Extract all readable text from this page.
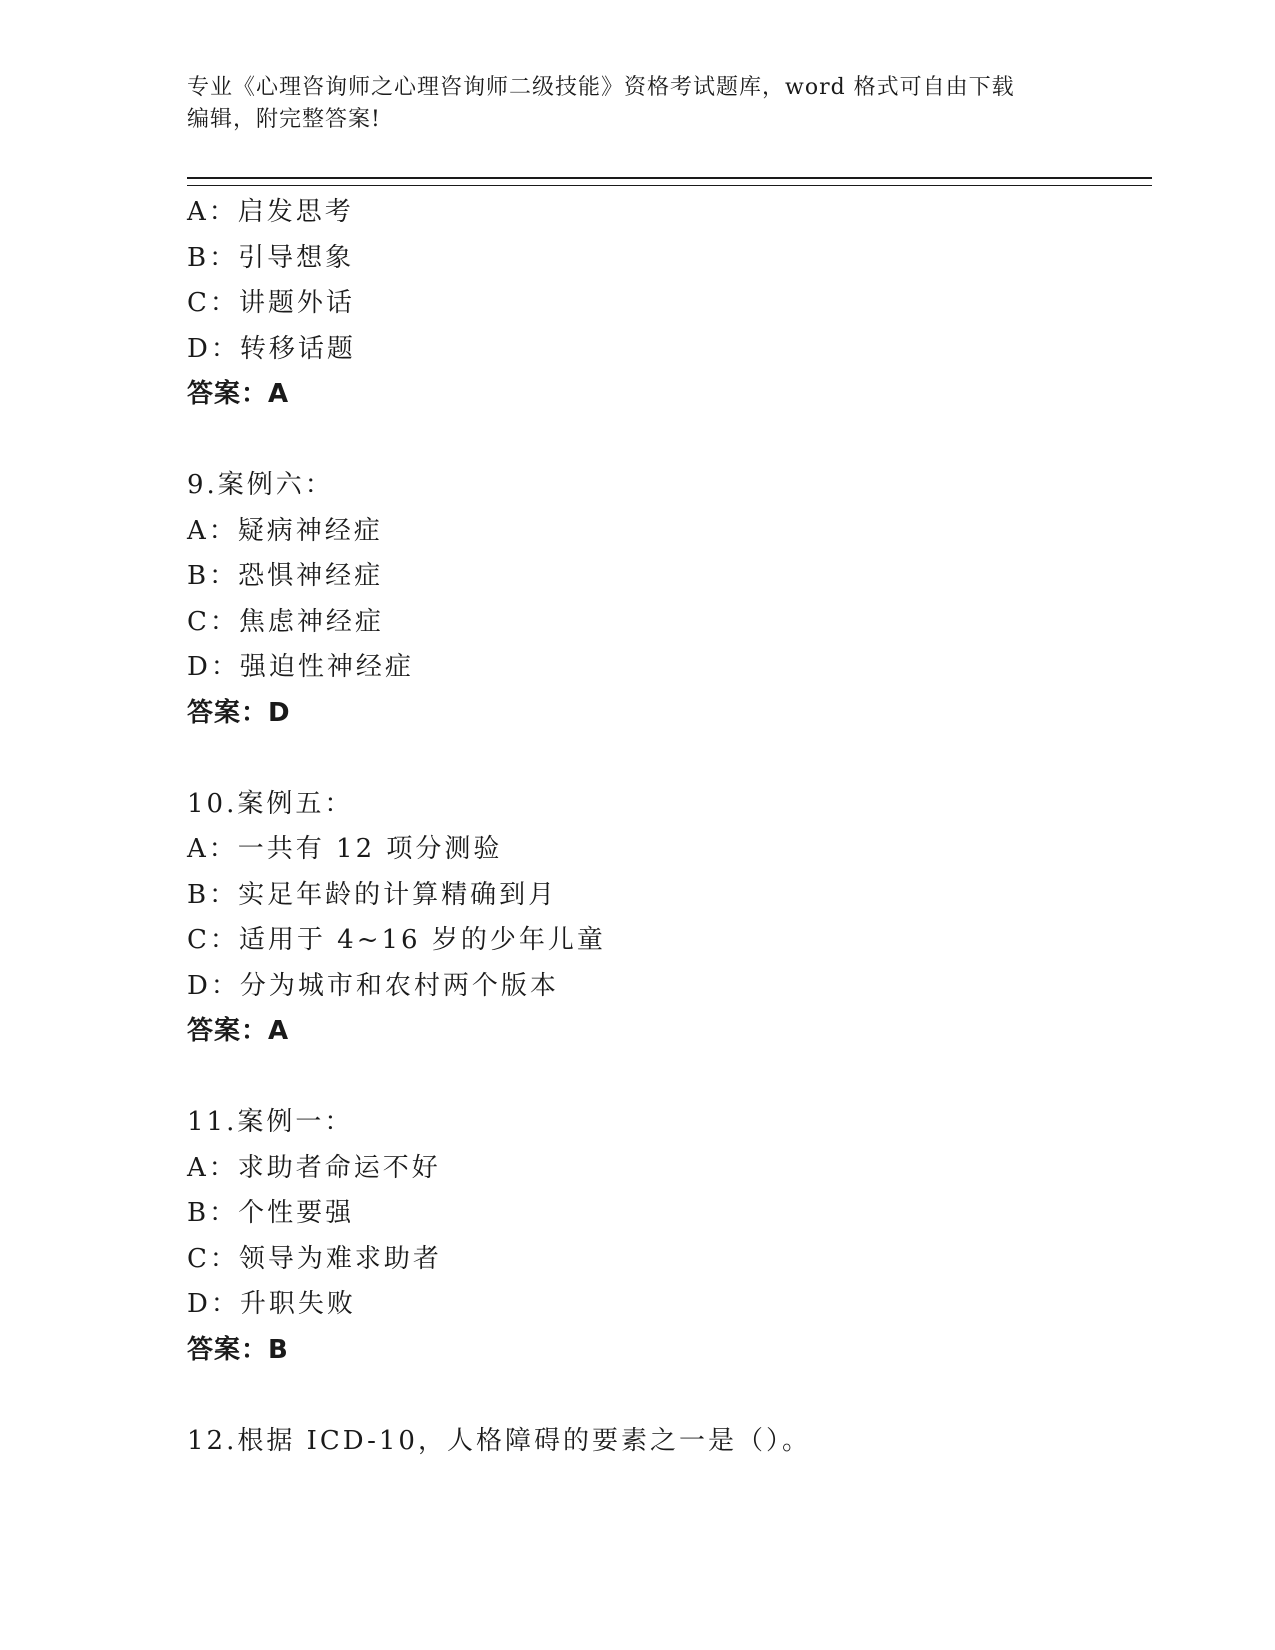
专业《心理咨询师之心理咨询师二级技能》资格考试题库，word 格式可自由下载
编辑，附完整答案!
A：启发思考
B：引导想象
C：讲题外话
D：转移话题
答案：A
9.案例六：
A：疑病神经症
B：恐惧神经症
C：焦虑神经症
D：强迫性神经症
答案：D
10.案例五：
A：一共有 12 项分测验
B：实足年龄的计算精确到月
C：适用于 4~16 岁的少年儿童
D：分为城市和农村两个版本
答案：A
11.案例一：
A：求助者命运不好
B：个性要强
C：领导为难求助者
D：升职失败
答案：B
12.根据 ICD-10，人格障碍的要素之一是（）。
